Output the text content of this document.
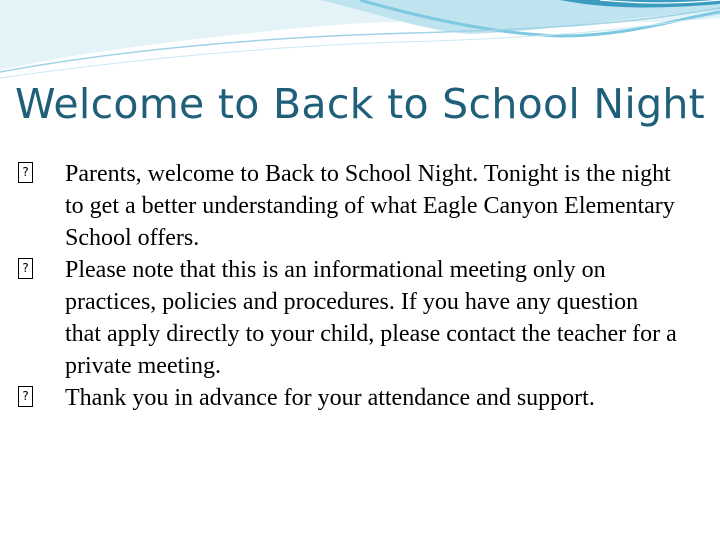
Welcome to Back to School Night
?
Parents, welcome to Back to School Night. Tonight is the night to get a better understanding of what Eagle Canyon Elementary School offers.
?
Please note that this is an informational meeting only on practices, policies and procedures. If you have any question that apply directly to your child, please contact the teacher for a private meeting.
?
Thank you in advance for your attendance and support.
